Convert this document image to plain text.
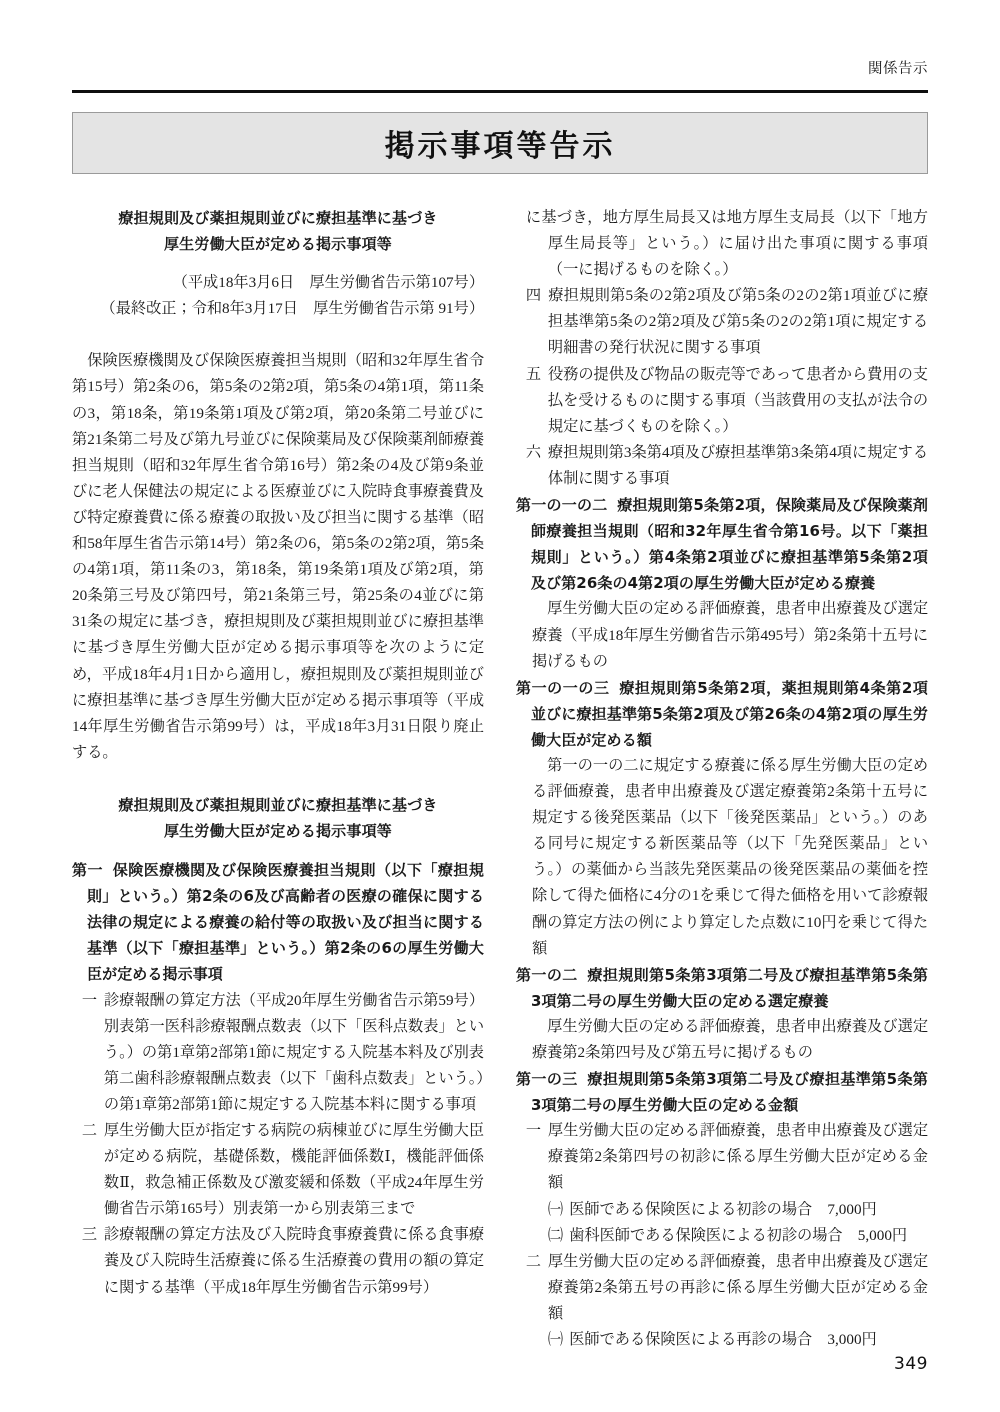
関係告示
掲示事項等告示
療担規則及び薬担規則並びに療担基準に基づき
厚生労働大臣が定める掲示事項等
（平成18年3月6日　厚生労働省告示第107号）
（最終改正；令和8年3月17日　厚生労働省告示第 91号）

保険医療機関及び保険医療養担当規則（昭和32年厚生省令第15号）第2条の6，第5条の2第2項，第5条の4第1項，第11条の3，第18条，第19条第1項及び第2項，第20条第二号並びに第21条第二号及び第九号並びに保険薬局及び保険薬剤師療養担当規則（昭和32年厚生省令第16号）第2条の4及び第9条並びに老人保健法の規定による医療並びに入院時食事療養費及び特定療養費に係る療養の取扱い及び担当に関する基準（昭和58年厚生省告示第14号）第2条の6，第5条の2第2項，第5条の4第1項，第11条の3，第18条，第19条第1項及び第2項，第20条第三号及び第四号，第21条第三号，第25条の4並びに第31条の規定に基づき，療担規則及び薬担規則並びに療担基準に基づき厚生労働大臣が定める掲示事項等を次のように定め，平成18年4月1日から適用し，療担規則及び薬担規則並びに療担基準に基づき厚生労働大臣が定める掲示事項等（平成14年厚生労働省告示第99号）は，平成18年3月31日限り廃止する。

療担規則及び薬担規則並びに療担基準に基づき
厚生労働大臣が定める掲示事項等

第一 保険医療機関及び保険医療養担当規則（以下「療担規則」という。）第2条の6及び高齢者の医療の確保に関する法律の規定による療養の給付等の取扱い及び担当に関する基準（以下「療担基準」という。）第2条の6の厚生労働大臣が定める掲示事項

一 診療報酬の算定方法（平成20年厚生労働省告示第59号）別表第一医科診療報酬点数表（以下「医科点数表」という。）の第1章第2部第1節に規定する入院基本料及び別表第二歯科診療報酬点数表（以下「歯科点数表」という。）の第1章第2部第1節に規定する入院基本料に関する事項

二 厚生労働大臣が指定する病院の病棟並びに厚生労働大臣が定める病院，基礎係数，機能評価係数Ⅰ，機能評価係数Ⅱ，救急補正係数及び激変緩和係数（平成24年厚生労働省告示第165号）別表第一から別表第三まで

三 診療報酬の算定方法及び入院時食事療養費に係る食事療養及び入院時生活療養に係る生活療養の費用の額の算定に関する基準（平成18年厚生労働省告示第99号）

に基づき，地方厚生局長又は地方厚生支局長（以下「地方厚生局長等」という。）に届け出た事項に関する事項（一に掲げるものを除く。）

四 療担規則第5条の2第2項及び第5条の2の2第1項並びに療担基準第5条の2第2項及び第5条の2の2第1項に規定する明細書の発行状況に関する事項

五 役務の提供及び物品の販売等であって患者から費用の支払を受けるものに関する事項（当該費用の支払が法令の規定に基づくものを除く。）

六 療担規則第3条第4項及び療担基準第3条第4項に規定する体制に関する事項

第一の一の二 療担規則第5条第2項，保険薬局及び保険薬剤師療養担当規則（昭和32年厚生省令第16号。以下「薬担規則」という。）第4条第2項並びに療担基準第5条第2項及び第26条の4第2項の厚生労働大臣が定める療養

厚生労働大臣の定める評価療養，患者申出療養及び選定療養（平成18年厚生労働省告示第495号）第2条第十五号に掲げるもの

第一の一の三 療担規則第5条第2項，薬担規則第4条第2項並びに療担基準第5条第2項及び第26条の4第2項の厚生労働大臣が定める額

第一の一の二に規定する療養に係る厚生労働大臣の定める評価療養，患者申出療養及び選定療養第2条第十五号に規定する後発医薬品（以下「後発医薬品」という。）のある同号に規定する新医薬品等（以下「先発医薬品」という。）の薬価から当該先発医薬品の後発医薬品の薬価を控除して得た価格に4分の1を乗じて得た価格を用いて診療報酬の算定方法の例により算定した点数に10円を乗じて得た額

第一の二 療担規則第5条第3項第二号及び療担基準第5条第3項第二号の厚生労働大臣の定める選定療養

厚生労働大臣の定める評価療養，患者申出療養及び選定療養第2条第四号及び第五号に掲げるもの

第一の三 療担規則第5条第3項第二号及び療担基準第5条第3項第二号の厚生労働大臣の定める金額

一 厚生労働大臣の定める評価療養，患者申出療養及び選定療養第2条第四号の初診に係る厚生労働大臣が定める金額

㈠ 医師である保険医による初診の場合　7,000円

㈡ 歯科医師である保険医による初診の場合　5,000円

二 厚生労働大臣の定める評価療養，患者申出療養及び選定療養第2条第五号の再診に係る厚生労働大臣が定める金額

㈠ 医師である保険医による再診の場合　3,000円

349
